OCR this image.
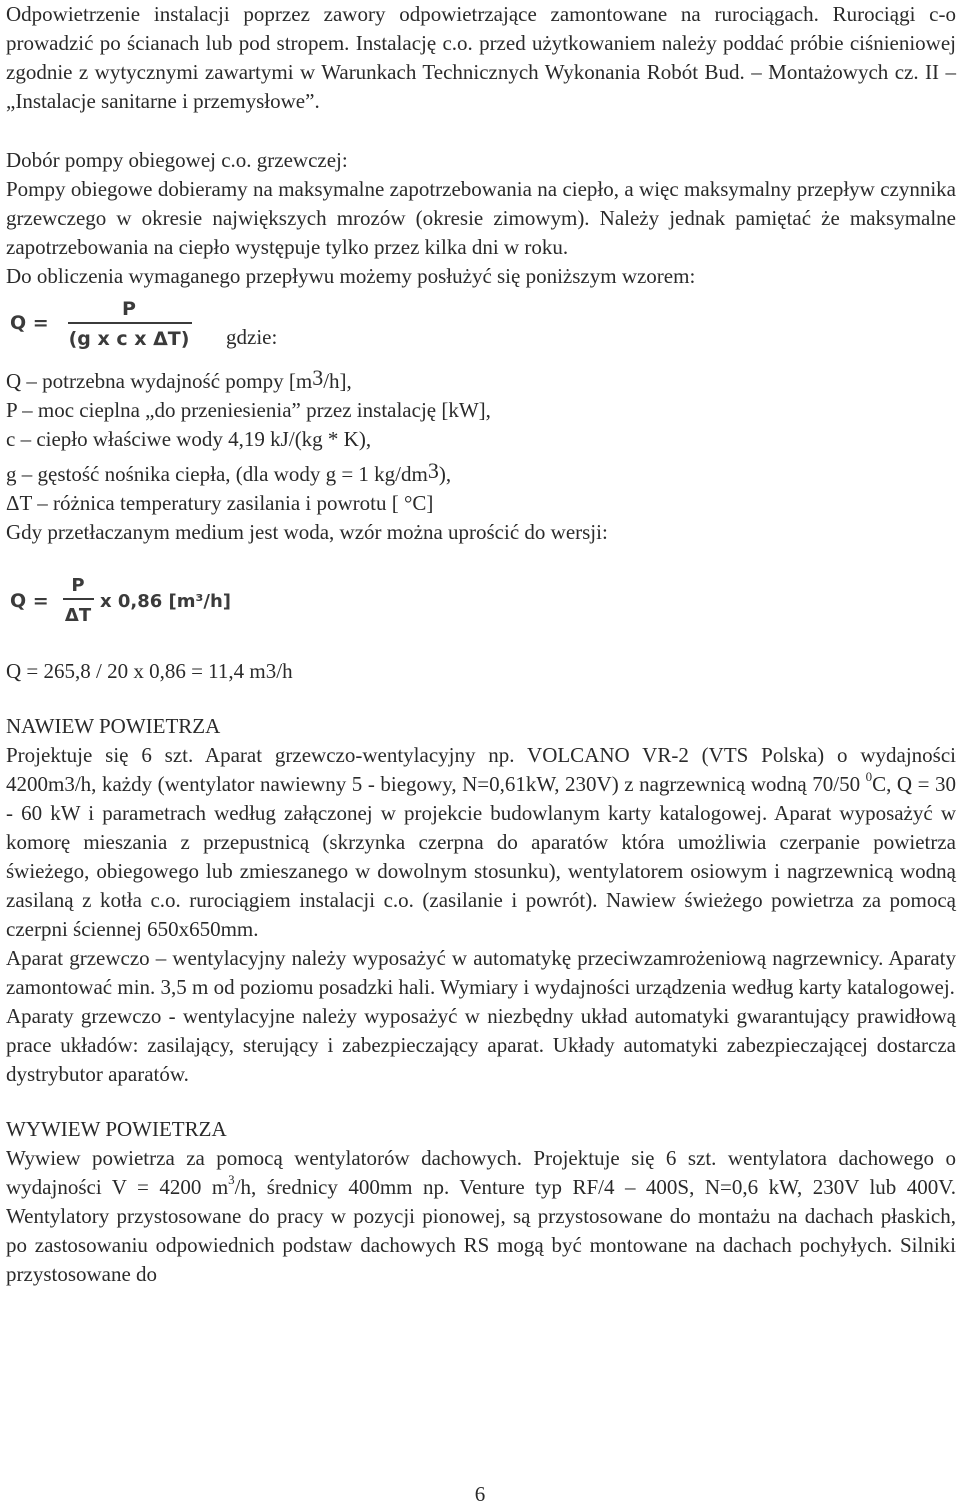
Odpowietrzenie instalacji poprzez zawory odpowietrzające zamontowane na rurociągach. Rurociągi c-o prowadzić po ścianach lub pod stropem. Instalację c.o. przed użytkowaniem należy poddać próbie ciśnieniowej zgodnie z wytycznymi zawartymi w Warunkach Technicznych Wykonania Robót Bud. – Montażowych cz. II – „Instalacje sanitarne i przemysłowe”.

Dobór pompy obiegowej c.o. grzewczej:

Pompy obiegowe dobieramy na maksymalne zapotrzebowania na ciepło, a więc maksymalny przepływ czynnika grzewczego w okresie największych mrozów (okresie zimowym). Należy jednak pamiętać że maksymalne zapotrzebowania na ciepło występuje tylko przez kilka dni w roku.

Do obliczenia wymaganego przepływu możemy posłużyć się poniższym wzorem:

Q =
P
(g x c x ΔT) gdzie:

Q – potrzebna wydajność pompy [m3/h],

P – moc cieplna „do przeniesienia” przez instalację [kW],

c – ciepło właściwe wody 4,19 kJ/(kg * K),

g – gęstość nośnika ciepła, (dla wody g = 1 kg/dm3),

ΔT – różnica temperatury zasilania i powrotu [ °C]

Gdy przetłaczanym medium jest woda, wzór można uprościć do wersji:

Q =
P
ΔT
x 0,86 [m³/h]

Q = 265,8 / 20 x 0,86 = 11,4 m3/h

NAWIEW POWIETRZA

Projektuje się 6 szt. Aparat grzewczo-wentylacyjny np. VOLCANO VR-2 (VTS Polska) o wydajności 4200m3/h, każdy (wentylator nawiewny 5 - biegowy, N=0,61kW, 230V) z nagrzewnicą wodną 70/50 $^0$C, Q = 30 - 60 kW i parametrach według załączonej w projekcie budowlanym karty katalogowej. Aparat wyposażyć w komorę mieszania z przepustnicą (skrzynka czerpna do aparatów która umożliwia czerpanie powietrza świeżego, obiegowego lub zmieszanego w dowolnym stosunku), wentylatorem osiowym i nagrzewnicą wodną zasilaną z kotła c.o. rurociągiem instalacji c.o. (zasilanie i powrót). Nawiew świeżego powietrza za pomocą czerpni ściennej 650x650mm.

Aparat grzewczo – wentylacyjny należy wyposażyć w automatykę przeciwzamrożeniową nagrzewnicy. Aparaty zamontować min. 3,5 m od poziomu posadzki hali. Wymiary i wydajności urządzenia według karty katalogowej.

Aparaty grzewczo - wentylacyjne należy wyposażyć w niezbędny układ automatyki gwarantujący prawidłową prace układów: zasilający, sterujący i zabezpieczający aparat. Układy automatyki zabezpieczającej dostarcza dystrybutor aparatów.

WYWIEW POWIETRZA

Wywiew powietrza za pomocą wentylatorów dachowych. Projektuje się 6 szt. wentylatora dachowego o wydajności V = 4200 $m^3/h$, średnicy 400mm np. Venture typ RF/4 – 400S, N=0,6 kW, 230V lub 400V. Wentylatory przystosowane do pracy w pozycji pionowej, są przystosowane do montażu na dachach płaskich, po zastosowaniu odpowiednich podstaw dachowych RS mogą być montowane na dachach pochyłych. Silniki przystosowane do

6
